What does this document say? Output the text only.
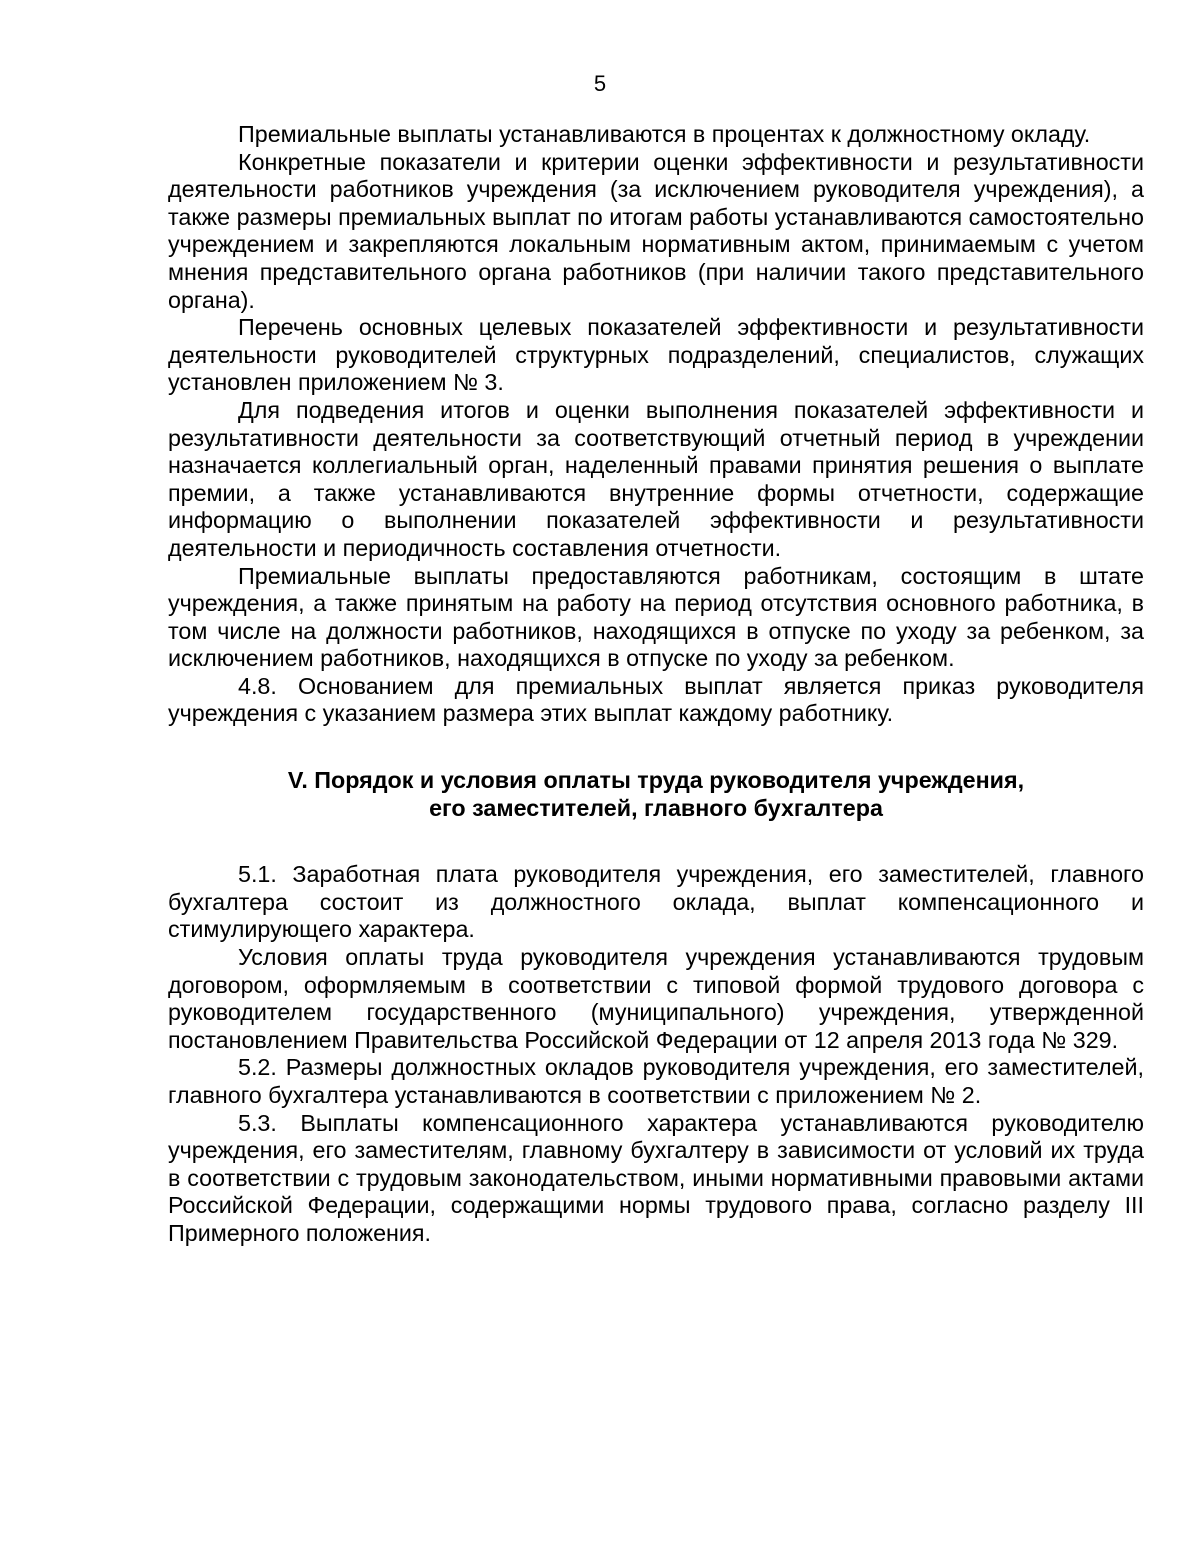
5

Премиальные выплаты устанавливаются в процентах к должностному окладу.

Конкретные показатели и критерии оценки эффективности и результативности деятельности работников учреждения (за исключением руководителя учреждения), а также размеры премиальных выплат по итогам работы устанавливаются самостоятельно учреждением и закрепляются локальным нормативным актом, принимаемым с учетом мнения представительного органа работников (при наличии такого представительного органа).

Перечень основных целевых показателей эффективности и результативности деятельности руководителей структурных подразделений, специалистов, служащих установлен приложением № 3.

Для подведения итогов и оценки выполнения показателей эффективности и результативности деятельности за соответствующий отчетный период в учреждении назначается коллегиальный орган, наделенный правами принятия решения о выплате премии, а также устанавливаются внутренние формы отчетности, содержащие информацию о выполнении показателей эффективности и результативности деятельности и периодичность составления отчетности.

Премиальные выплаты предоставляются работникам, состоящим в штате учреждения, а также принятым на работу на период отсутствия основного работника, в том числе на должности работников, находящихся в отпуске по уходу за ребенком, за исключением работников, находящихся в отпуске по уходу за ребенком.

4.8. Основанием для премиальных выплат является приказ руководителя учреждения с указанием размера этих выплат каждому работнику.

V. Порядок и условия оплаты труда руководителя учреждения,
его заместителей, главного бухгалтера

5.1. Заработная плата руководителя учреждения, его заместителей, главного бухгалтера состоит из должностного оклада, выплат компенсационного и стимулирующего характера.

Условия оплаты труда руководителя учреждения устанавливаются трудовым договором, оформляемым в соответствии с типовой формой трудового договора с руководителем государственного (муниципального) учреждения, утвержденной постановлением Правительства Российской Федерации от 12 апреля 2013 года № 329.

5.2. Размеры должностных окладов руководителя учреждения, его заместителей, главного бухгалтера устанавливаются в соответствии с приложением № 2.

5.3. Выплаты компенсационного характера устанавливаются руководителю учреждения, его заместителям, главному бухгалтеру в зависимости от условий их труда в соответствии с трудовым законодательством, иными нормативными правовыми актами Российской Федерации, содержащими нормы трудового права, согласно разделу III Примерного положения.
